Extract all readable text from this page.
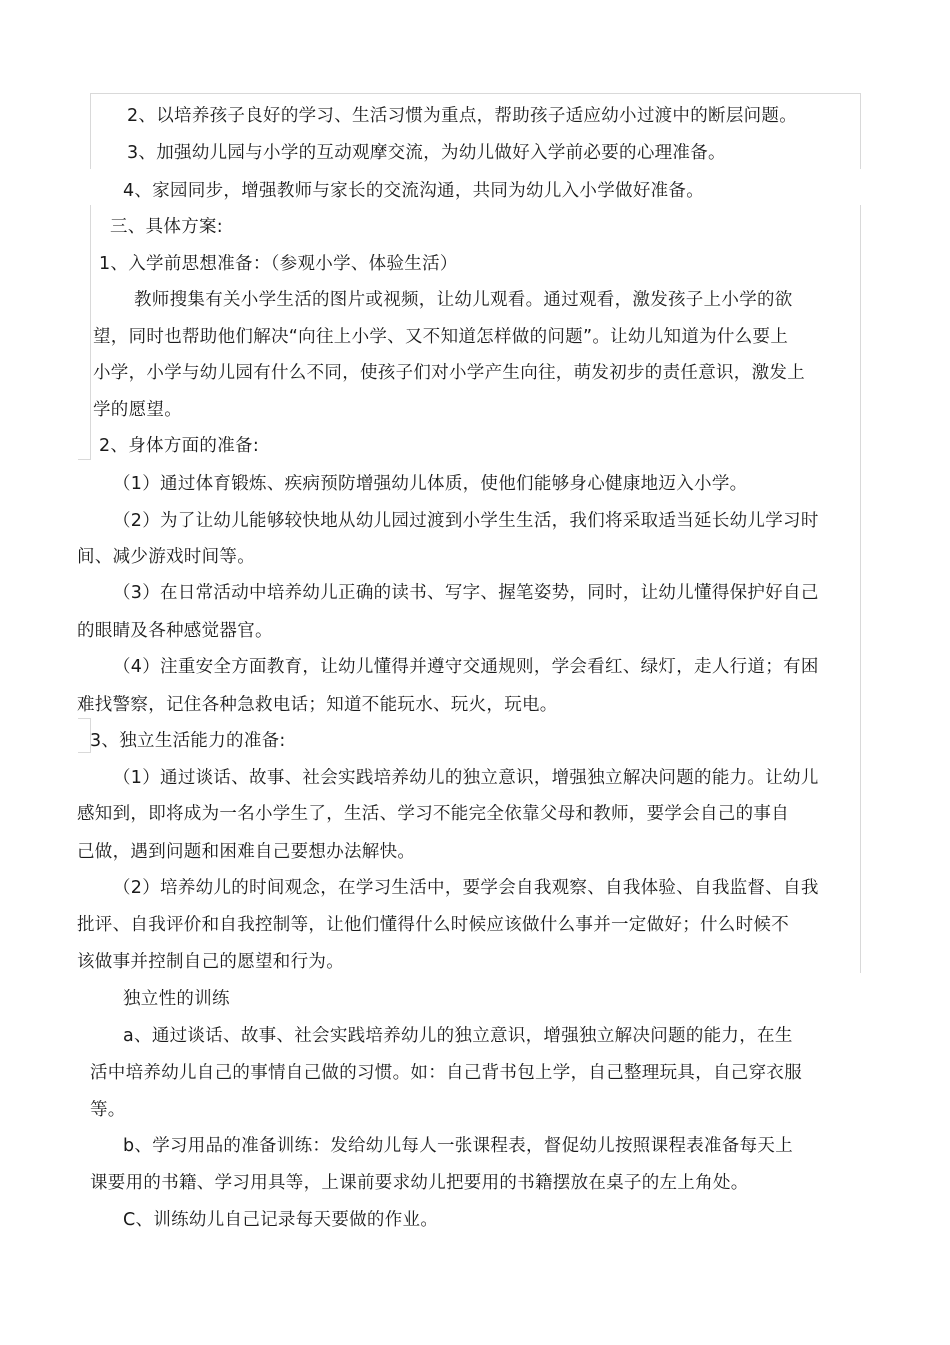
2、以培养孩子良好的学习、生活习惯为重点，帮助孩子适应幼小过渡中的断层问题。
3、加强幼儿园与小学的互动观摩交流，为幼儿做好入学前必要的心理准备。
4、家园同步，增强教师与家长的交流沟通，共同为幼儿入小学做好准备。
三、具体方案:
1、入学前思想准备：（参观小学、体验生活）
教师搜集有关小学生活的图片或视频，让幼儿观看。通过观看，激发孩子上小学的欲
望，同时也帮助他们解决“向往上小学、又不知道怎样做的问题”。让幼儿知道为什么要上
小学，小学与幼儿园有什么不同，使孩子们对小学产生向往，萌发初步的责任意识，激发上
学的愿望。
2、身体方面的准备:
（1）通过体育锻炼、疾病预防增强幼儿体质，使他们能够身心健康地迈入小学。
（2）为了让幼儿能够较快地从幼儿园过渡到小学生生活，我们将采取适当延长幼儿学习时
间、减少游戏时间等。
（3）在日常活动中培养幼儿正确的读书、写字、握笔姿势，同时，让幼儿懂得保护好自己
的眼睛及各种感觉器官。
（4）注重安全方面教育，让幼儿懂得并遵守交通规则，学会看红、绿灯，走人行道；有困
难找警察，记住各种急救电话；知道不能玩水、玩火，玩电。
3、独立生活能力的准备:
（1）通过谈话、故事、社会实践培养幼儿的独立意识，增强独立解决问题的能力。让幼儿
感知到，即将成为一名小学生了，生活、学习不能完全依靠父母和教师，要学会自己的事自
己做，遇到问题和困难自己要想办法解快。
（2）培养幼儿的时间观念，在学习生活中，要学会自我观察、自我体验、自我监督、自我
批评、自我评价和自我控制等，让他们懂得什么时候应该做什么事并一定做好；什么时候不
该做事并控制自己的愿望和行为。
独立性的训练
a、通过谈话、故事、社会实践培养幼儿的独立意识，增强独立解决问题的能力，在生
活中培养幼儿自己的事情自己做的习惯。如：自己背书包上学，自己整理玩具，自己穿衣服
等。
b、学习用品的准备训练：发给幼儿每人一张课程表，督促幼儿按照课程表准备每天上
课要用的书籍、学习用具等，上课前要求幼儿把要用的书籍摆放在桌子的左上角处。
C、训练幼儿自己记录每天要做的作业。
